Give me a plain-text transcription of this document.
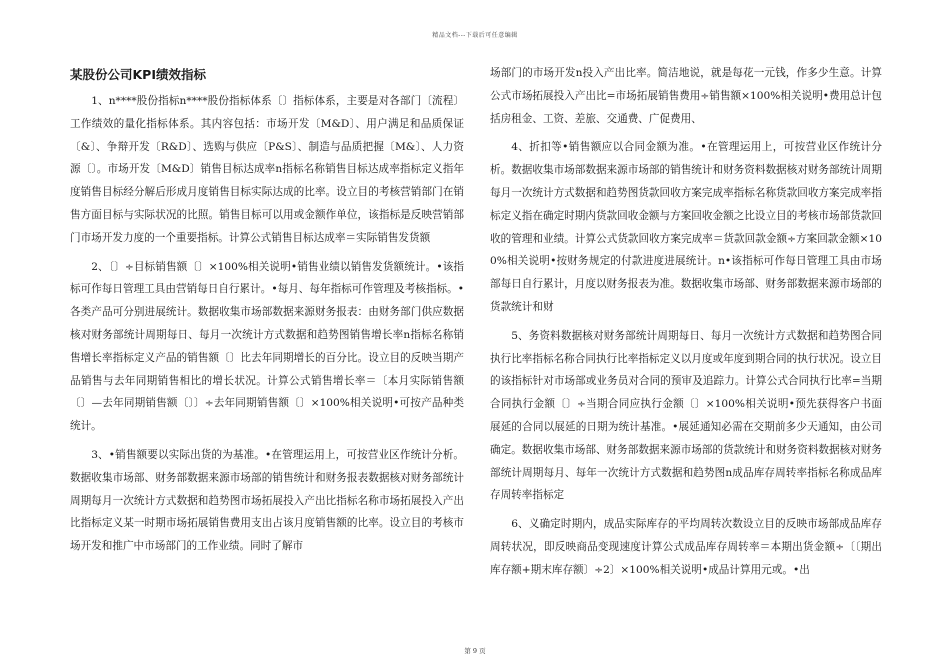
精品文档---下载后可任意编辑
某股份公司KPI绩效指标

1、n****股份指标n****股份指标体系〔〕指标体系，主要是对各部门〔流程〕工作绩效的量化指标体系。其内容包括：市场开发〔M&D〕、用户满足和品质保证〔&〕、争辩开发〔R&D〕、选购与供应〔P&S〕、制造与品质把握〔M&〕、人力资源〔〕。市场开发〔M&D〕销售目标达成率n指标名称销售目标达成率指标定义指年度销售目标经分解后形成月度销售目标实际达成的比率。设立目的考核营销部门在销售方面目标与实际状况的比照。销售目标可以用或金额作单位，该指标是反映营销部门市场开发力度的一个重要指标。计算公式销售目标达成率＝实际销售发货额

2、〔〕÷目标销售额〔〕×100%相关说明•销售业绩以销售发货额统计。•该指标可作每日管理工具由营销每日自行累计。•每月、每年指标可作管理及考核指标。•各类产品可分别进展统计。数据收集市场部数据来源财务报表：由财务部门供应数据核对财务部统计周期每日、每月一次统计方式数据和趋势图销售增长率n指标名称销售增长率指标定义产品的销售额〔〕比去年同期增长的百分比。设立目的反映当期产品销售与去年同期销售相比的增长状况。计算公式销售增长率＝〔本月实际销售额〔〕—去年同期销售额〔〕〕÷去年同期销售额〔〕×100%相关说明•可按产品种类统计。

3、•销售额要以实际出货的为基准。•在管理运用上，可按营业区作统计分析。数据收集市场部、财务部数据来源市场部的销售统计和财务报表数据核对财务部统计周期每月一次统计方式数据和趋势图市场拓展投入产出比指标名称市场拓展投入产出比指标定义某一时期市场拓展销售费用支出占该月度销售额的比率。设立目的考核市场开发和推广中市场部门的工作业绩。同时了解市

场部门的市场开发n投入产出比率。简洁地说，就是每花一元钱，作多少生意。计算公式市场拓展投入产出比=市场拓展销售费用÷销售额×100%相关说明•费用总计包括房租金、工资、差旅、交通费、广促费用、

4、折扣等•销售额应以合同金额为准。•在管理运用上，可按营业区作统计分析。数据收集市场部数据来源市场部的销售统计和财务资料数据核对财务部统计周期每月一次统计方式数据和趋势图货款回收方案完成率指标名称货款回收方案完成率指标定义指在确定时期内货款回收金额与方案回收金额之比设立目的考核市场部货款回收的管理和业绩。计算公式货款回收方案完成率＝货款回款金额÷方案回款金额×100%相关说明•按财务规定的付款进度进展统计。n•该指标可作每日管理工具由市场部每日自行累计，月度以财务报表为准。数据收集市场部、财务部数据来源市场部的货款统计和财

5、务资料数据核对财务部统计周期每日、每月一次统计方式数据和趋势图合同执行比率指标名称合同执行比率指标定义以月度或年度到期合同的执行状况。设立目的该指标针对市场部或业务员对合同的预审及追踪力。计算公式合同执行比率=当期合同执行金额〔〕÷当期合同应执行金额〔〕×100%相关说明•预先获得客户书面展延的合同以展延的日期为统计基准。•展延通知必需在交期前多少天通知，由公司确定。数据收集市场部、财务部数据来源市场部的货款统计和财务资料数据核对财务部统计周期每月、每年一次统计方式数据和趋势图n成品库存周转率指标名称成品库存周转率指标定

6、义确定时期内，成品实际库存的平均周转次数设立目的反映市场部成品库存周转状况，即反映商品变现速度计算公式成品库存周转率＝本期出货金额÷〔〔期出库存额+期末库存额〕÷2〕×100%相关说明•成品计算用元或。•出

第 9 页
